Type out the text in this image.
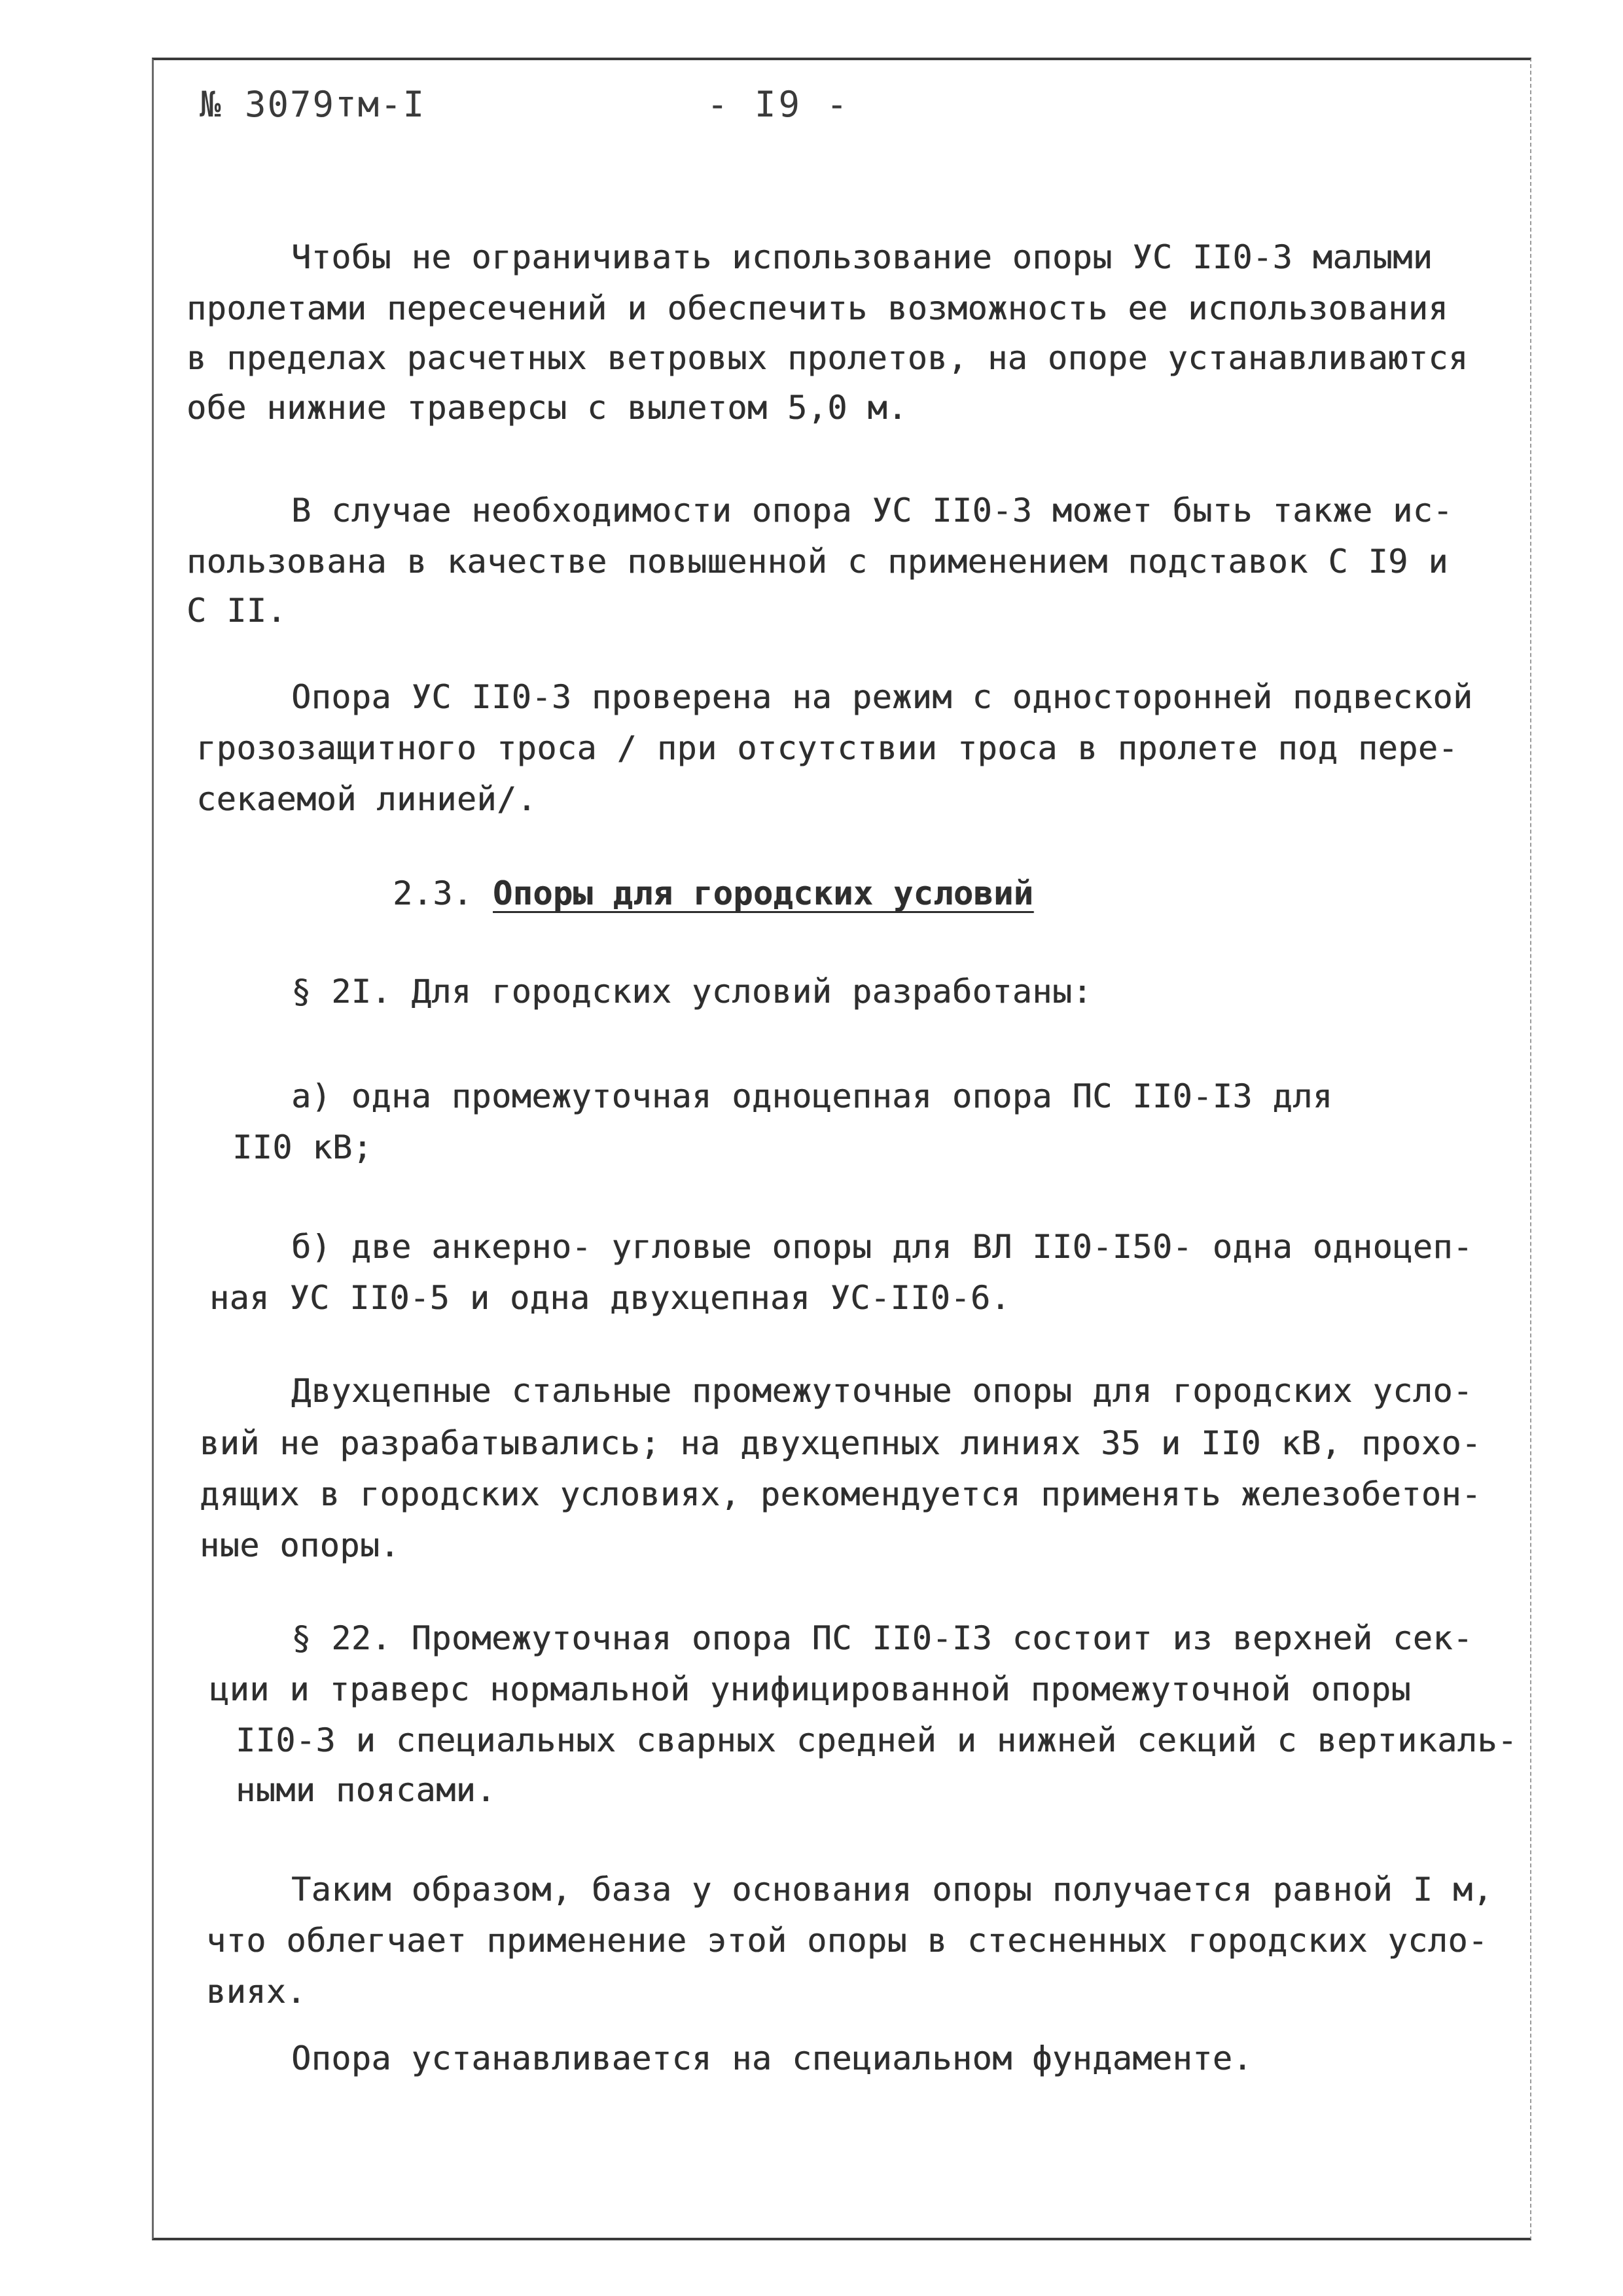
№ 3079тм-I	- I9 -
Чтобы не ограничивать использование опоры УС II0-3 малыми
пролетами пересечений и обеспечить возможность ее использования
в пределах расчетных ветровых пролетов, на опоре устанавливаются
обе нижние траверсы с вылетом 5,0 м.
В случае необходимости опора УС II0-3 может быть также ис-
пользована в качестве повышенной с применением подставок С I9 и
С II.
Опора УС II0-3 проверена на режим с односторонней подвеской
грозозащитного троса / при отсутствии троса в пролете под пере-
секаемой линией/.
2.3. Опоры для городских условий
§ 2I. Для городских условий разработаны:
а) одна промежуточная одноцепная опора ПС II0-I3 для
II0 кВ;
б) две анкерно- угловые опоры для ВЛ II0-I50- одна одноцеп-
ная УС II0-5 и одна двухцепная УС-II0-6.
Двухцепные стальные промежуточные опоры для городских усло-
вий не разрабатывались; на двухцепных линиях 35 и II0 кВ, прохо-
дящих в городских условиях, рекомендуется применять железобетон-
ные опоры.
§ 22. Промежуточная опора ПС II0-I3 состоит из верхней сек-
ции и траверс нормальной унифицированной промежуточной опоры
II0-3 и специальных сварных средней и нижней секций с вертикаль-
ными поясами.
Таким образом, база у основания опоры получается равной I м,
что облегчает применение этой опоры в стесненных городских усло-
виях.
Опора устанавливается на специальном фундаменте.
